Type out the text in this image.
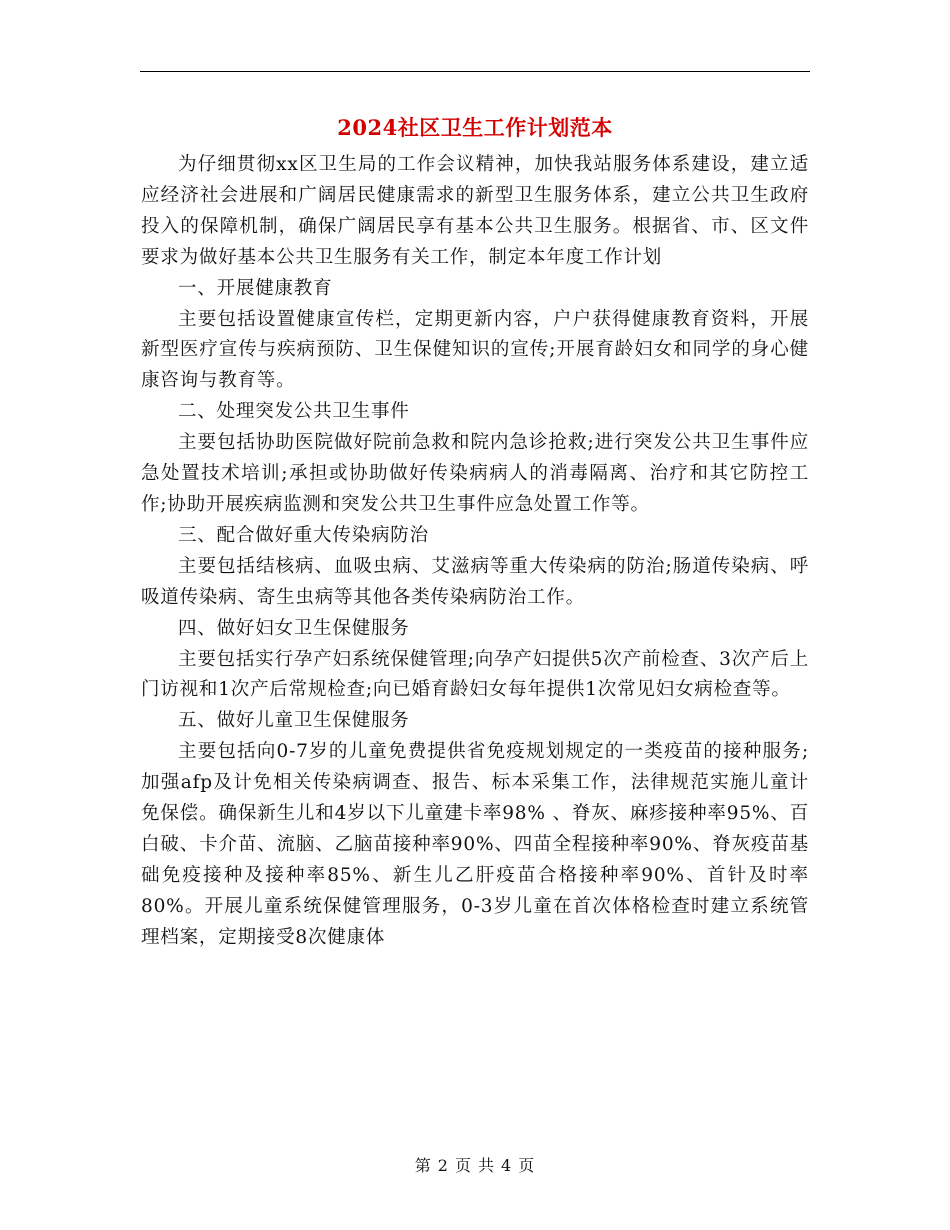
2024社区卫生工作计划范本

为仔细贯彻xx区卫生局的工作会议精神，加快我站服务体系建设，建立适应经济社会进展和广阔居民健康需求的新型卫生服务体系，建立公共卫生政府投入的保障机制，确保广阔居民享有基本公共卫生服务。根据省、市、区文件要求为做好基本公共卫生服务有关工作，制定本年度工作计划

一、开展健康教育

主要包括设置健康宣传栏，定期更新内容，户户获得健康教育资料，开展新型医疗宣传与疾病预防、卫生保健知识的宣传;开展育龄妇女和同学的身心健康咨询与教育等。

二、处理突发公共卫生事件

主要包括协助医院做好院前急救和院内急诊抢救;进行突发公共卫生事件应急处置技术培训;承担或协助做好传染病病人的消毒隔离、治疗和其它防控工作;协助开展疾病监测和突发公共卫生事件应急处置工作等。

三、配合做好重大传染病防治

主要包括结核病、血吸虫病、艾滋病等重大传染病的防治;肠道传染病、呼吸道传染病、寄生虫病等其他各类传染病防治工作。

四、做好妇女卫生保健服务

主要包括实行孕产妇系统保健管理;向孕产妇提供5次产前检查、3次产后上门访视和1次产后常规检查;向已婚育龄妇女每年提供1次常见妇女病检查等。

五、做好儿童卫生保健服务

主要包括向0-7岁的儿童免费提供省免疫规划规定的一类疫苗的接种服务;加强afp及计免相关传染病调查、报告、标本采集工作，法律规范实施儿童计免保偿。确保新生儿和4岁以下儿童建卡率98% 、脊灰、麻疹接种率95%、百白破、卡介苗、流脑、乙脑苗接种率90%、四苗全程接种率90%、脊灰疫苗基础免疫接种及接种率85%、新生儿乙肝疫苗合格接种率90%、首针及时率80%。开展儿童系统保健管理服务，0-3岁儿童在首次体格检查时建立系统管理档案，定期接受8次健康体

第 2 页 共 4 页
